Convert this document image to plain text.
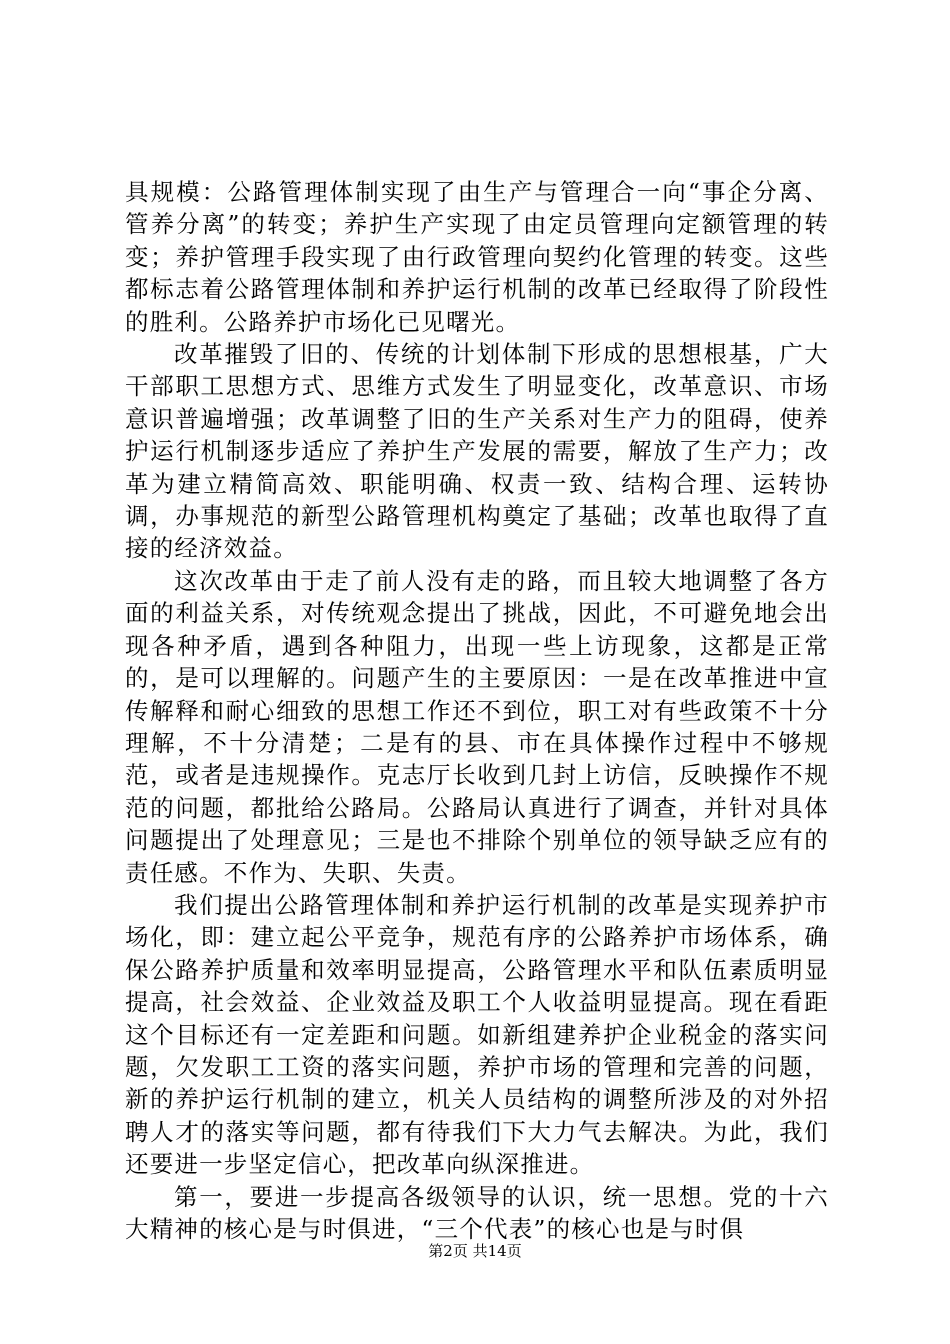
具规模：公路管理体制实现了由生产与管理合一向“事企分离、管养分离”的转变；养护生产实现了由定员管理向定额管理的转变；养护管理手段实现了由行政管理向契约化管理的转变。这些都标志着公路管理体制和养护运行机制的改革已经取得了阶段性的胜利。公路养护市场化已见曙光。

改革摧毁了旧的、传统的计划体制下形成的思想根基，广大干部职工思想方式、思维方式发生了明显变化，改革意识、市场意识普遍增强；改革调整了旧的生产关系对生产力的阻碍，使养护运行机制逐步适应了养护生产发展的需要，解放了生产力；改革为建立精简高效、职能明确、权责一致、结构合理、运转协调，办事规范的新型公路管理机构奠定了基础；改革也取得了直接的经济效益。

这次改革由于走了前人没有走的路，而且较大地调整了各方面的利益关系，对传统观念提出了挑战，因此，不可避免地会出现各种矛盾，遇到各种阻力，出现一些上访现象，这都是正常的，是可以理解的。问题产生的主要原因：一是在改革推进中宣传解释和耐心细致的思想工作还不到位，职工对有些政策不十分理解，不十分清楚；二是有的县、市在具体操作过程中不够规范，或者是违规操作。克志厅长收到几封上访信，反映操作不规范的问题，都批给公路局。公路局认真进行了调查，并针对具体问题提出了处理意见；三是也不排除个别单位的领导缺乏应有的责任感。不作为、失职、失责。

我们提出公路管理体制和养护运行机制的改革是实现养护市场化，即：建立起公平竞争，规范有序的公路养护市场体系，确保公路养护质量和效率明显提高，公路管理水平和队伍素质明显提高，社会效益、企业效益及职工个人收益明显提高。现在看距这个目标还有一定差距和问题。如新组建养护企业税金的落实问题，欠发职工工资的落实问题，养护市场的管理和完善的问题，新的养护运行机制的建立，机关人员结构的调整所涉及的对外招聘人才的落实等问题，都有待我们下大力气去解决。为此，我们还要进一步坚定信心，把改革向纵深推进。

第一，要进一步提高各级领导的认识，统一思想。党的十六大精神的核心是与时俱进，“三个代表”的核心也是与时俱

第2页 共14页
